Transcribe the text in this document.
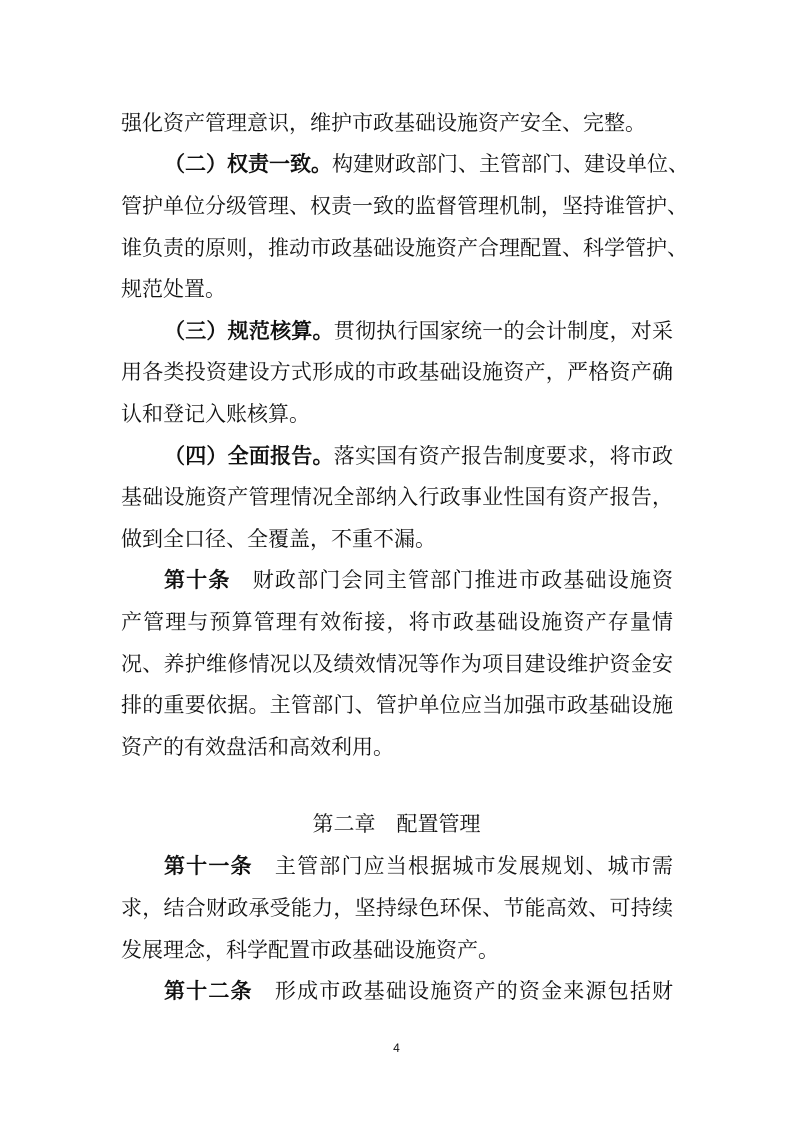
强化资产管理意识，维护市政基础设施资产安全、完整。
（二）权责一致。构建财政部门、主管部门、建设单位、
管护单位分级管理、权责一致的监督管理机制，坚持谁管护、
谁负责的原则，推动市政基础设施资产合理配置、科学管护、
规范处置。
（三）规范核算。贯彻执行国家统一的会计制度，对采
用各类投资建设方式形成的市政基础设施资产，严格资产确
认和登记入账核算。
（四）全面报告。落实国有资产报告制度要求，将市政
基础设施资产管理情况全部纳入行政事业性国有资产报告，
做到全口径、全覆盖，不重不漏。
第十条 财政部门会同主管部门推进市政基础设施资
产管理与预算管理有效衔接，将市政基础设施资产存量情
况、养护维修情况以及绩效情况等作为项目建设维护资金安
排的重要依据。主管部门、管护单位应当加强市政基础设施
资产的有效盘活和高效利用。
第二章 配置管理
第十一条 主管部门应当根据城市发展规划、城市需
求，结合财政承受能力，坚持绿色环保、节能高效、可持续
发展理念，科学配置市政基础设施资产。
第十二条 形成市政基础设施资产的资金来源包括财
4
